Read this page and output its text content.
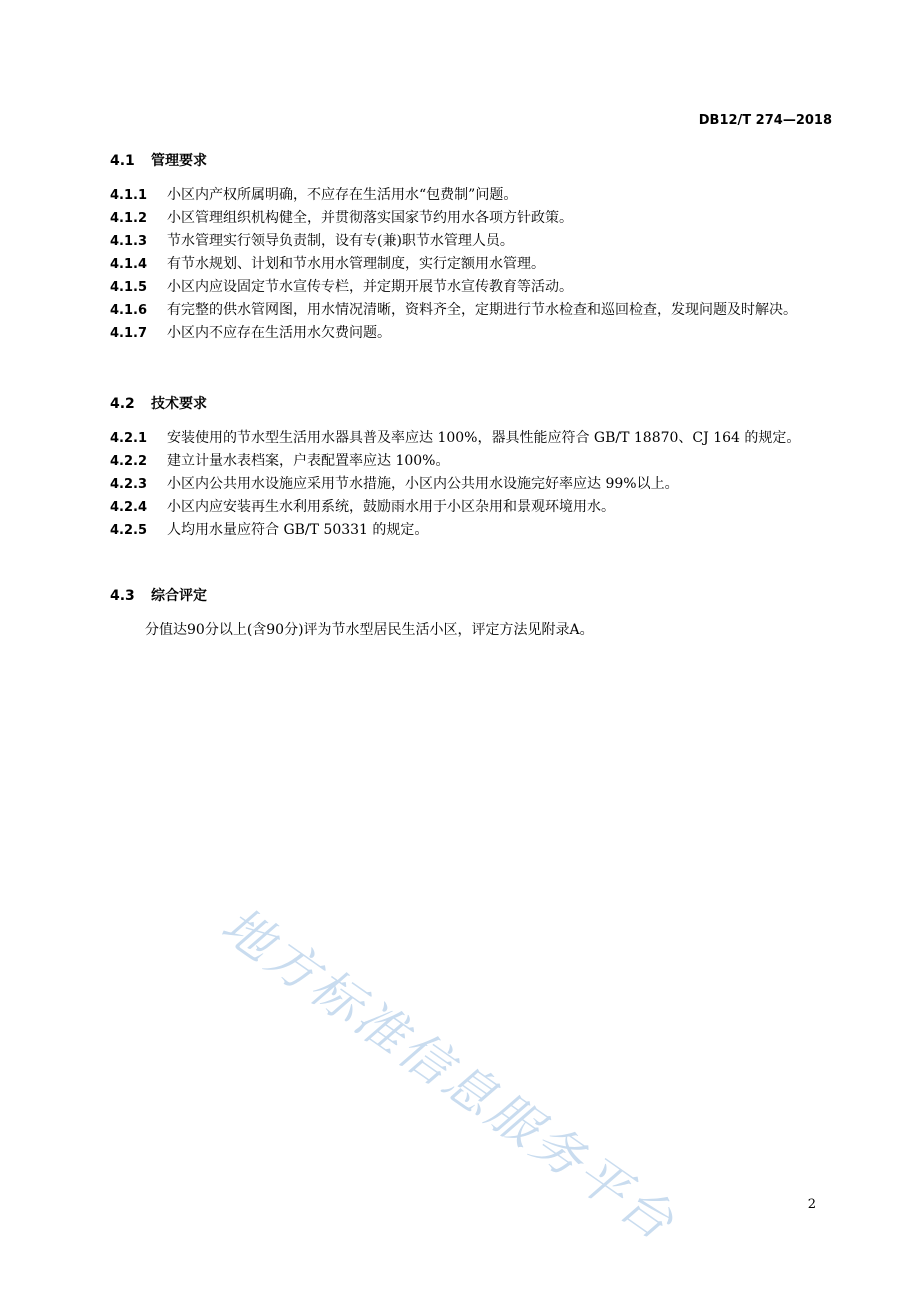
DB12/T 274—2018
4.1 管理要求
4.1.1 小区内产权所属明确，不应存在生活用水“包费制”问题。
4.1.2 小区管理组织机构健全，并贯彻落实国家节约用水各项方针政策。
4.1.3 节水管理实行领导负责制，设有专(兼)职节水管理人员。
4.1.4 有节水规划、计划和节水用水管理制度，实行定额用水管理。
4.1.5 小区内应设固定节水宣传专栏，并定期开展节水宣传教育等活动。
4.1.6 有完整的供水管网图，用水情况清晰，资料齐全，定期进行节水检查和巡回检查，发现问题及时解决。
4.1.7 小区内不应存在生活用水欠费问题。
4.2 技术要求
4.2.1 安装使用的节水型生活用水器具普及率应达 100%，器具性能应符合 GB/T 18870、CJ 164 的规定。
4.2.2 建立计量水表档案，户表配置率应达 100%。
4.2.3 小区内公共用水设施应采用节水措施，小区内公共用水设施完好率应达 99%以上。
4.2.4 小区内应安装再生水利用系统，鼓励雨水用于小区杂用和景观环境用水。
4.2.5 人均用水量应符合 GB/T 50331 的规定。
4.3 综合评定
分值达90分以上(含90分)评为节水型居民生活小区，评定方法见附录A。
地方标准信息服务平台	2
